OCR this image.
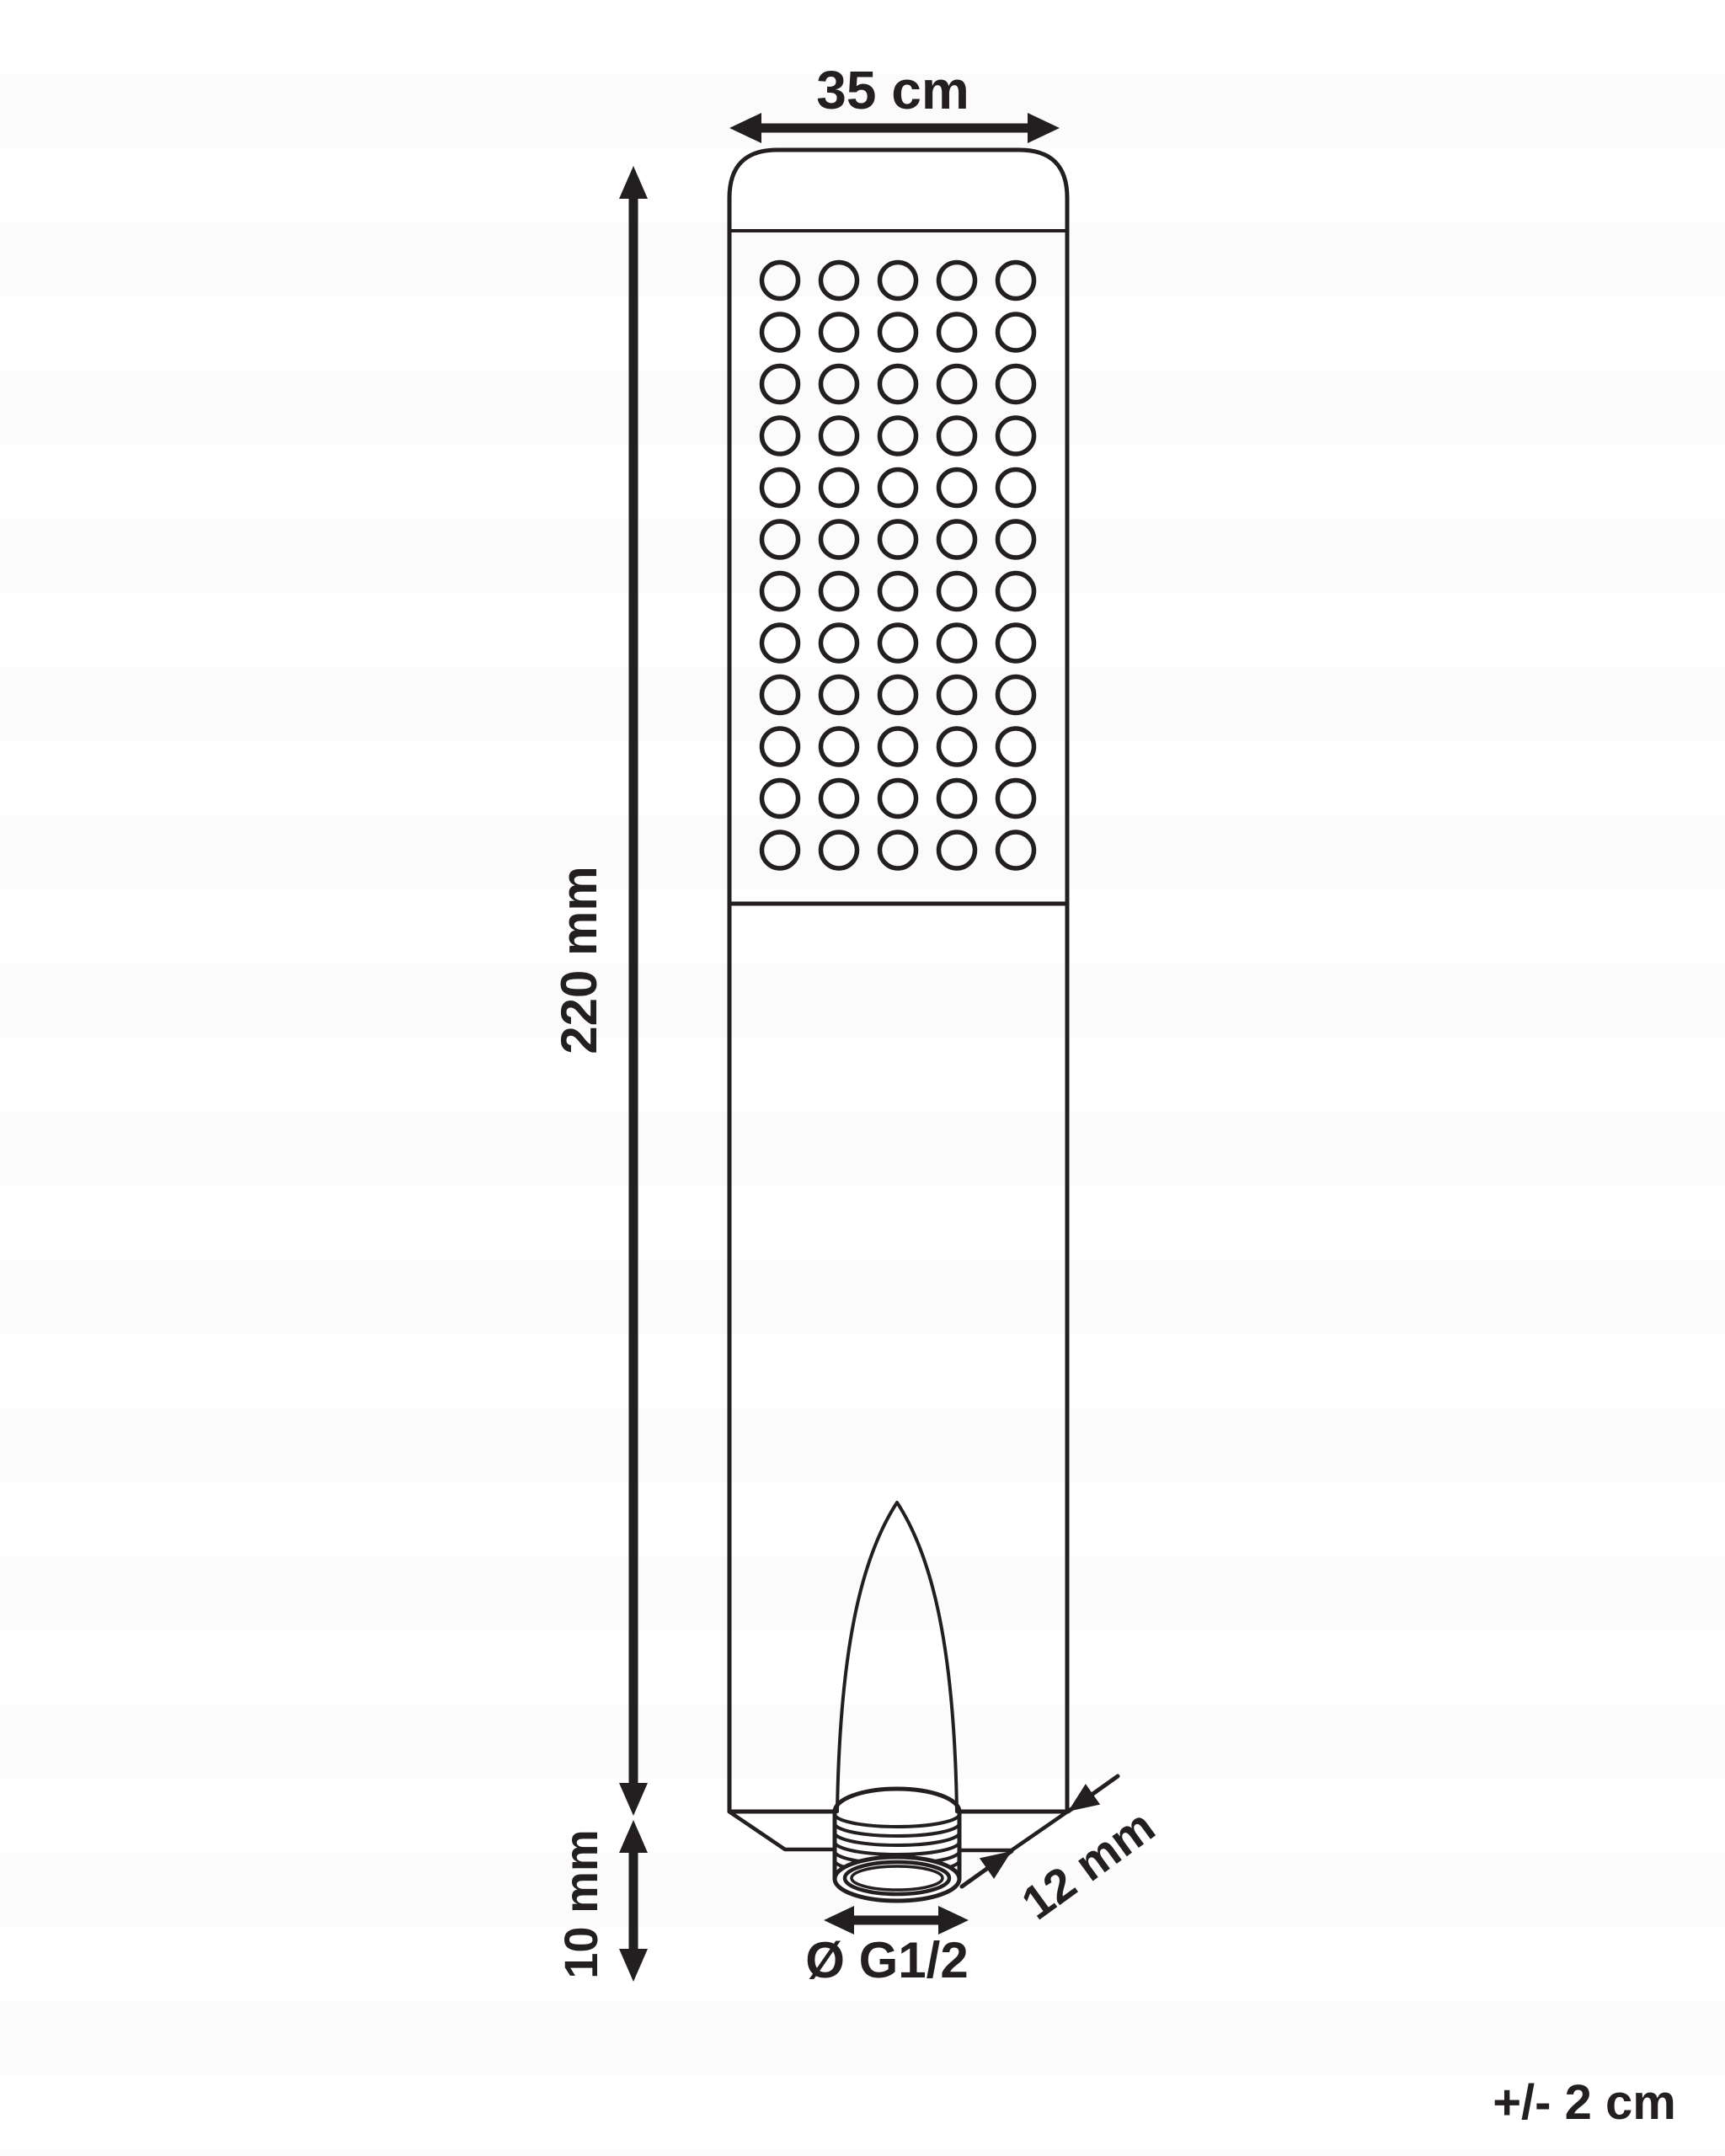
35 cm
220 mm
10 mm	12 mm
Ø G1/2
+/- 2 cm
